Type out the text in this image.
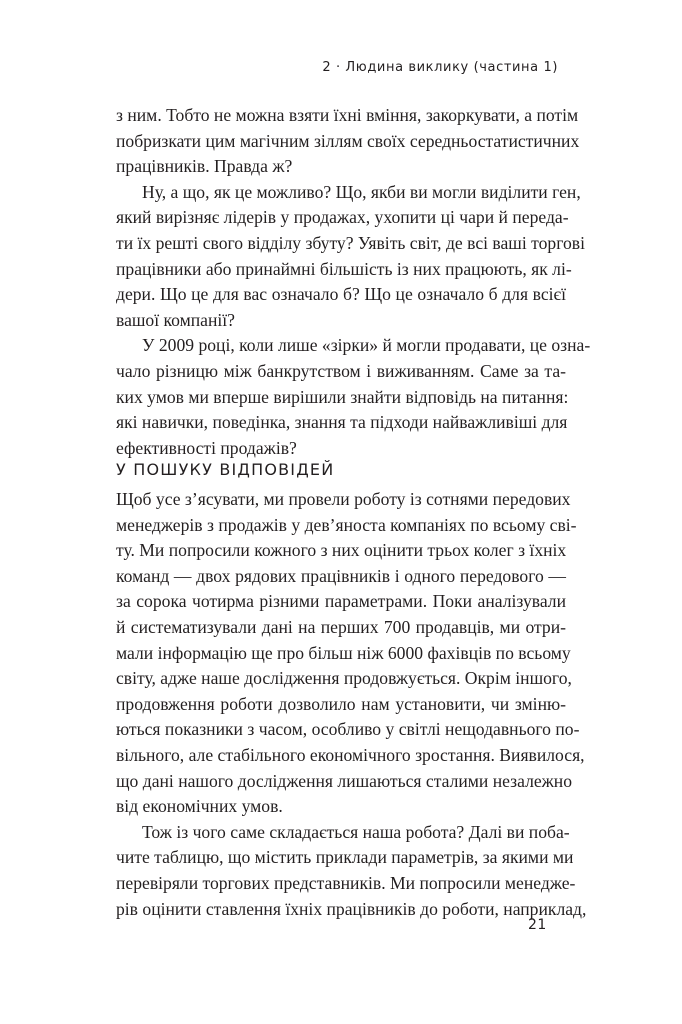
2 · Людина виклику (частина 1)
з ним. Тобто не можна взяти їхні вміння, закоркувати, а потім
побризкати цим магічним зіллям своїх середньостатистичних
працівників. Правда ж?
Ну, а що, як це можливо? Що, якби ви могли виділити ген,
який вирізняє лідерів у продажах, ухопити ці чари й переда-
ти їх решті свого відділу збуту? Уявіть світ, де всі ваші торгові
працівники або принаймні більшість із них працюють, як лі-
дери. Що це для вас означало б? Що це означало б для всієї
вашої компанії?
У 2009 році, коли лише «зірки» й могли продавати, це озна-
чало різницю між банкрутством і виживанням. Саме за та-
ких умов ми вперше вирішили знайти відповідь на питання:
які навички, поведінка, знання та підходи найважливіші для
ефективності продажів?
У ПОШУКУ ВІДПОВІДЕЙ
Щоб усе з’ясувати, ми провели роботу із сотнями передових
менеджерів з продажів у дев’яноста компаніях по всьому сві-
ту. Ми попросили кожного з них оцінити трьох колег з їхніх
команд — двох рядових працівників і одного передового —
за сорока чотирма різними параметрами. Поки аналізували
й систематизували дані на перших 700 продавців, ми отри-
мали інформацію ще про більш ніж 6000 фахівців по всьому
світу, адже наше дослідження продовжується. Окрім іншого,
продовження роботи дозволило нам установити, чи зміню-
ються показники з часом, особливо у світлі нещодавнього по-
вільного, але стабільного економічного зростання. Виявилося,
що дані нашого дослідження лишаються сталими незалежно
від економічних умов.
Тож із чого саме складається наша робота? Далі ви поба-
чите таблицю, що містить приклади параметрів, за якими ми
перевіряли торгових представників. Ми попросили менедже-
рів оцінити ставлення їхніх працівників до роботи, наприклад,
21
